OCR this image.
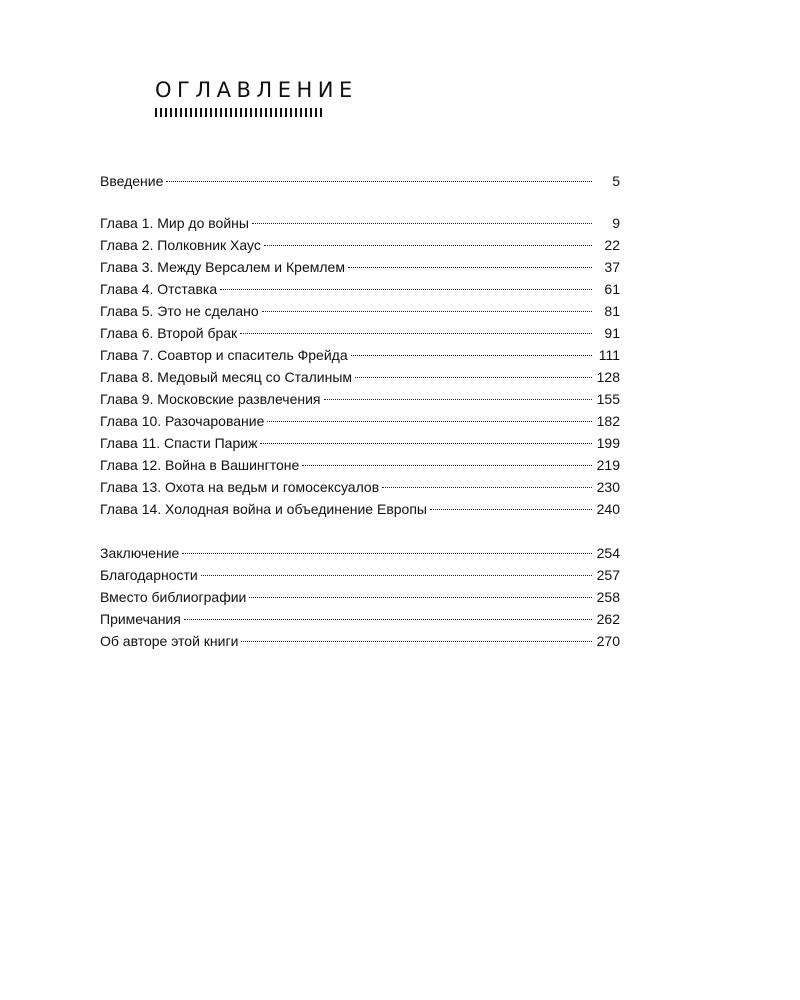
ОГЛАВЛЕНИЕ
Введение	5
Глава 1. Мир до войны	9
Глава 2. Полковник Хаус	22
Глава 3. Между Версалем и Кремлем	37
Глава 4. Отставка	61
Глава 5. Это не сделано	81
Глава 6. Второй брак	91
Глава 7. Соавтор и спаситель Фрейда	111
Глава 8. Медовый месяц со Сталиным	128
Глава 9. Московские развлечения	155
Глава 10. Разочарование	182
Глава 11. Спасти Париж	199
Глава 12. Война в Вашингтоне	219
Глава 13. Охота на ведьм и гомосексуалов	230
Глава 14. Холодная война и объединение Европы	240
Заключение	254
Благодарности	257
Вместо библиографии	258
Примечания	262
Об авторе этой книги	270
